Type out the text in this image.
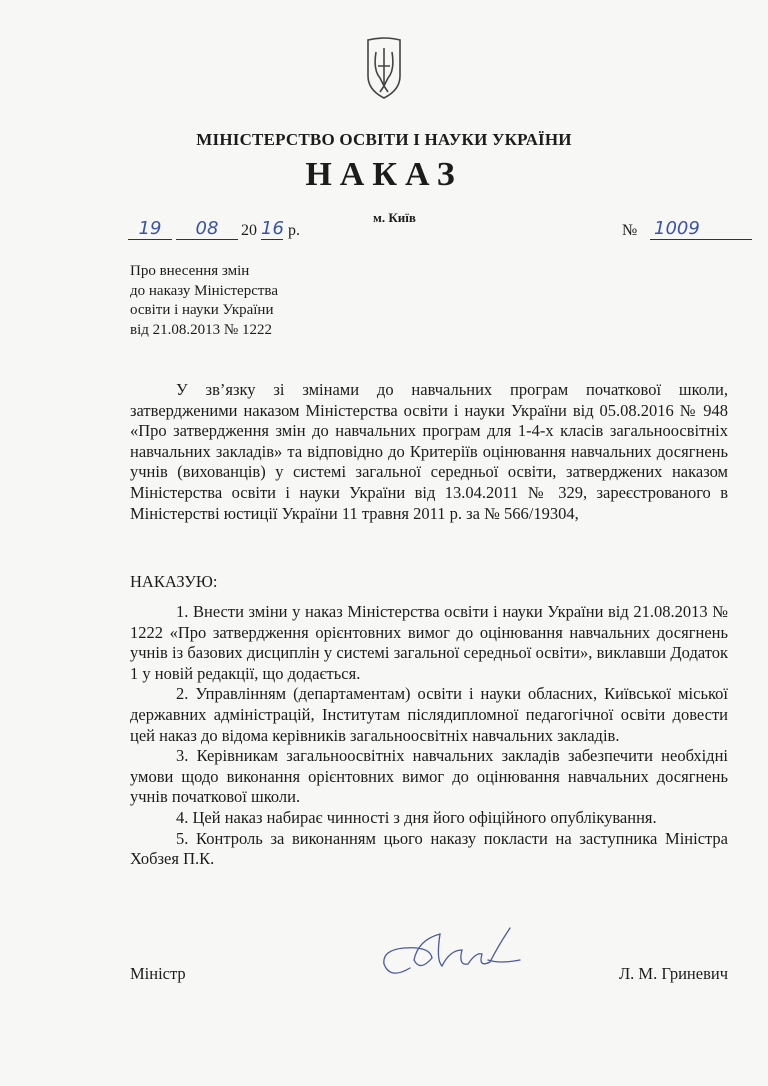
МІНІСТЕРСТВО ОСВІТИ І НАУКИ УКРАЇНИ
НАКАЗ
19	08	20 16 р.
м. Київ
№ 1009
Про внесення змін
до наказу Міністерства
освіти і науки України
від 21.08.2013 № 1222
У зв’язку зі змінами до навчальних програм початкової школи, затвердженими наказом Міністерства освіти і науки України від 05.08.2016 № 948 «Про затвердження змін до навчальних програм для 1-4-х класів загальноосвітніх навчальних закладів» та відповідно до Критеріїв оцінювання навчальних досягнень учнів (вихованців) у системі загальної середньої освіти, затверджених наказом Міністерства освіти і науки України від 13.04.2011 № 329, зареєстрованого в Міністерстві юстиції України 11 травня 2011 р. за № 566/19304,
НАКАЗУЮ:

1. Внести зміни у наказ Міністерства освіти і науки України від 21.08.2013 № 1222 «Про затвердження орієнтовних вимог до оцінювання навчальних досягнень учнів із базових дисциплін у системі загальної середньої освіти», виклавши Додаток 1 у новій редакції, що додається.

2. Управлінням (департаментам) освіти і науки обласних, Київської міської державних адміністрацій, Інститутам післядипломної педагогічної освіти довести цей наказ до відома керівників загальноосвітніх навчальних закладів.

3. Керівникам загальноосвітніх навчальних закладів забезпечити необхідні умови щодо виконання орієнтовних вимог до оцінювання навчальних досягнень учнів початкової школи.

4. Цей наказ набирає чинності з дня його офіційного опублікування.

5. Контроль за виконанням цього наказу покласти на заступника Міністра Хобзея П.К.

Міністр	Л. М. Гриневич
